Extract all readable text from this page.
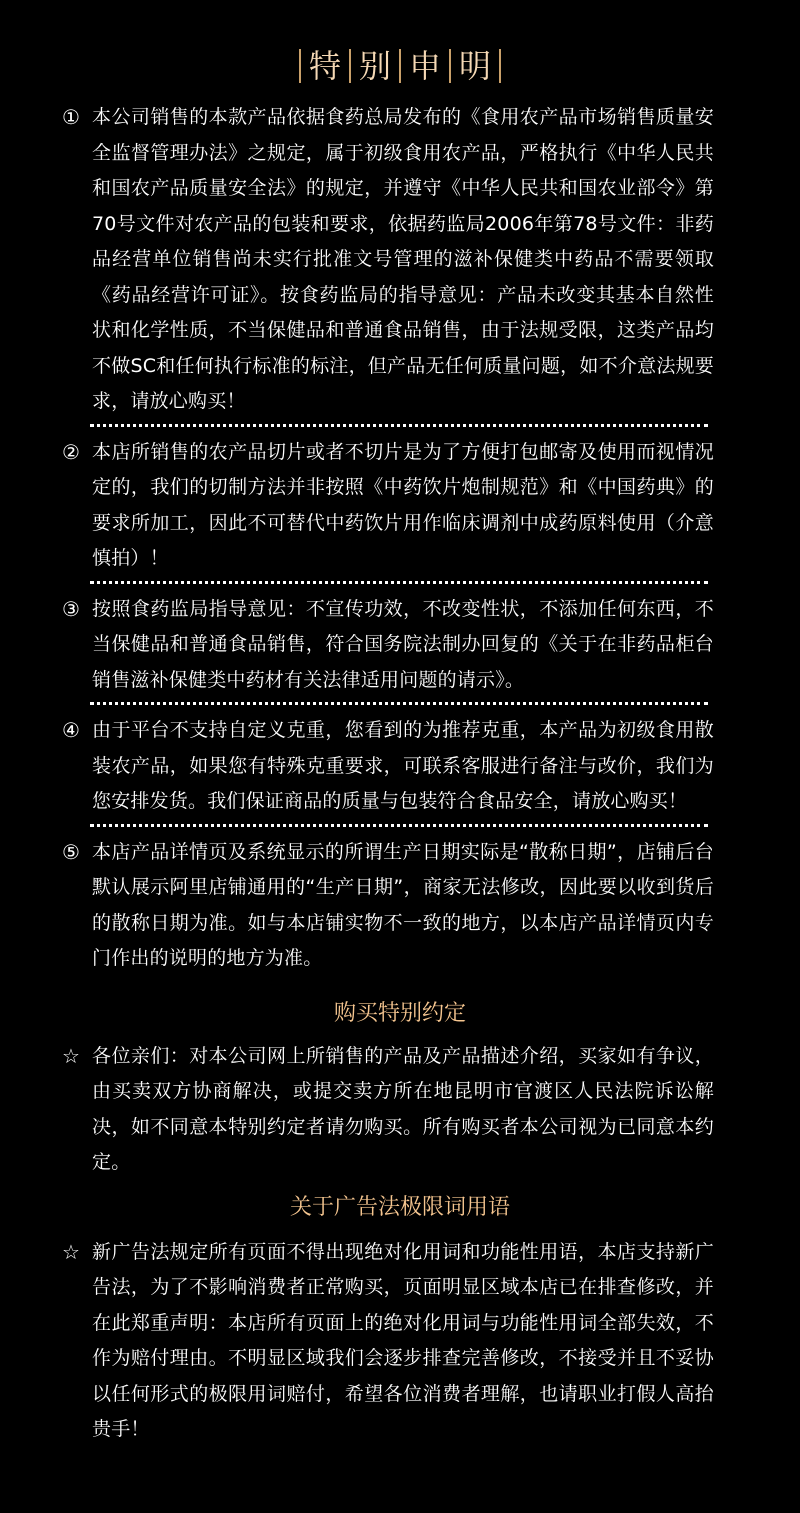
特 别 申 明
① 本公司销售的本款产品依据食药总局发布的《食用农产品市场销售质量安全监督管理办法》之规定，属于初级食用农产品，严格执行《中华人民共和国农产品质量安全法》的规定，并遵守《中华人民共和国农业部令》第70号文件对农产品的包装和要求，依据药监局2006年第78号文件：非药品经营单位销售尚未实行批准文号管理的滋补保健类中药品不需要领取《药品经营许可证》。按食药监局的指导意见：产品未改变其基本自然性状和化学性质，不当保健品和普通食品销售，由于法规受限，这类产品均不做SC和任何执行标准的标注，但产品无任何质量问题，如不介意法规要求，请放心购买！
② 本店所销售的农产品切片或者不切片是为了方便打包邮寄及使用而视情况定的，我们的切制方法并非按照《中药饮片炮制规范》和《中国药典》的要求所加工，因此不可替代中药饮片用作临床调剂中成药原料使用（介意慎拍）！
③ 按照食药监局指导意见：不宣传功效，不改变性状，不添加任何东西，不当保健品和普通食品销售，符合国务院法制办回复的《关于在非药品柜台销售滋补保健类中药材有关法律适用问题的请示》。
④ 由于平台不支持自定义克重，您看到的为推荐克重，本产品为初级食用散装农产品，如果您有特殊克重要求，可联系客服进行备注与改价，我们为您安排发货。我们保证商品的质量与包装符合食品安全，请放心购买！
⑤ 本店产品详情页及系统显示的所谓生产日期实际是“散称日期”，店铺后台默认展示阿里店铺通用的“生产日期”，商家无法修改，因此要以收到货后的散称日期为准。如与本店铺实物不一致的地方，以本店产品详情页内专门作出的说明的地方为准。
购买特别约定
☆ 各位亲们：对本公司网上所销售的产品及产品描述介绍，买家如有争议，由买卖双方协商解决，或提交卖方所在地昆明市官渡区人民法院诉讼解决，如不同意本特别约定者请勿购买。所有购买者本公司视为已同意本约定。
关于广告法极限词用语
☆ 新广告法规定所有页面不得出现绝对化用词和功能性用语，本店支持新广告法，为了不影响消费者正常购买，页面明显区域本店已在排查修改，并在此郑重声明：本店所有页面上的绝对化用词与功能性用词全部失效，不作为赔付理由。不明显区域我们会逐步排查完善修改，不接受并且不妥协以任何形式的极限用词赔付，希望各位消费者理解，也请职业打假人高抬贵手！
